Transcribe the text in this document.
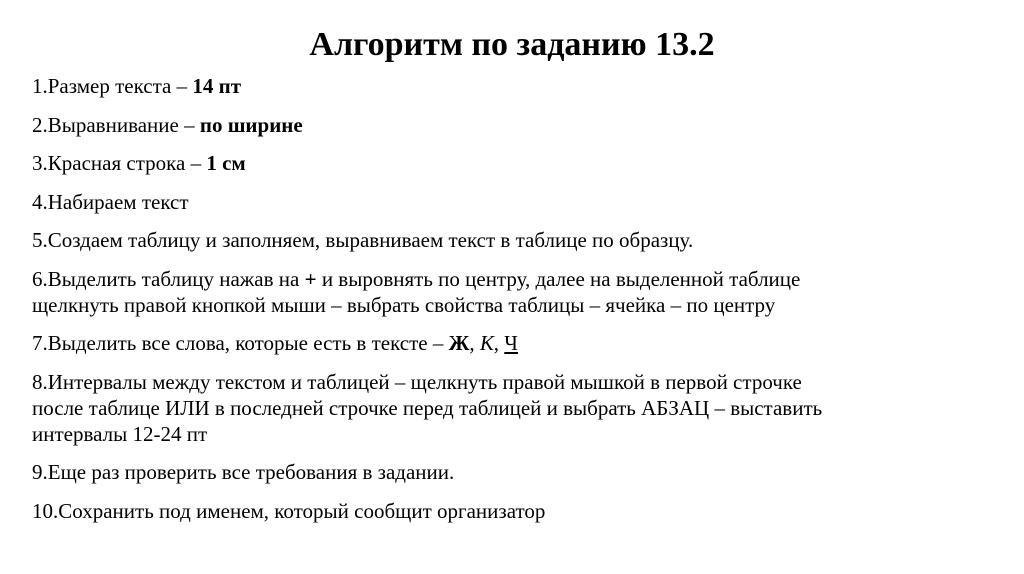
Алгоритм по заданию 13.2
1.Размер текста – 14 пт
2.Выравнивание – по ширине
3.Красная строка – 1 см
4.Набираем текст
5.Создаем таблицу и заполняем, выравниваем текст в таблице по образцу.
6.Выделить таблицу нажав на + и выровнять по центру, далее на выделенной таблице
щелкнуть правой кнопкой мыши – выбрать свойства таблицы – ячейка – по центру
7.Выделить все слова, которые есть в тексте – Ж, К, Ч
8.Интервалы между текстом и таблицей – щелкнуть правой мышкой в первой строчке
после таблице ИЛИ в последней строчке перед таблицей и выбрать АБЗАЦ – выставить
интервалы 12-24 пт
9.Еще раз проверить все требования в задании.
10.Сохранить под именем, который сообщит организатор
